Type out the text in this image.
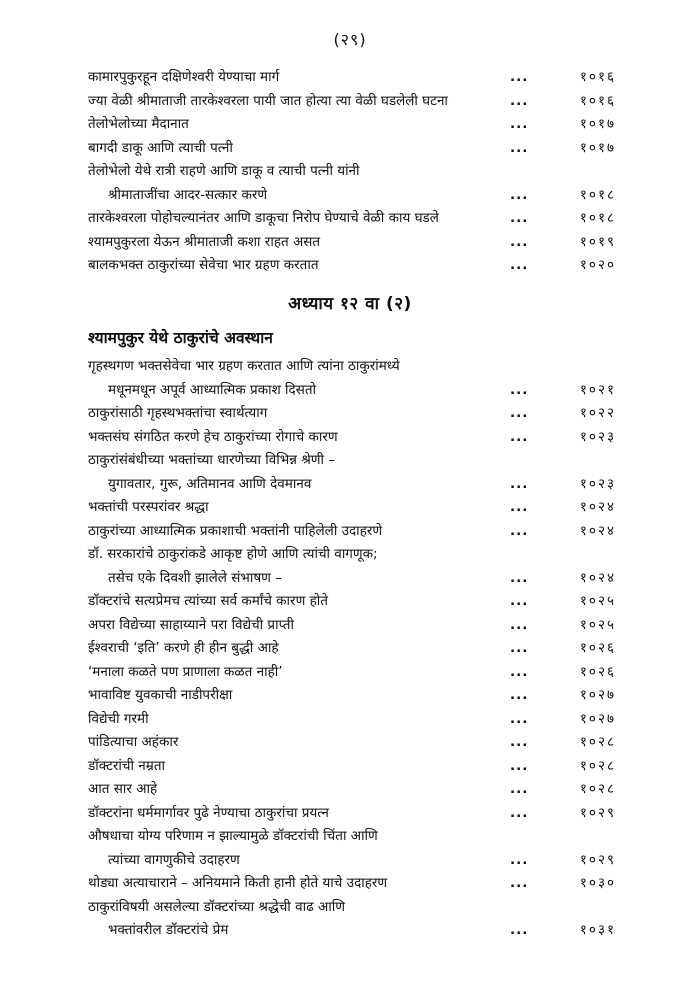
(२९)
कामारपुकुरहून दक्षिणेश्वरी येण्याचा मार्ग	...	१०१६
ज्या वेळी श्रीमाताजी तारकेश्वरला पायी जात होत्या त्या वेळी घडलेली घटना	...	१०१६
तेलोभेलोच्या मैदानात	...	१०१७
बागदी डाकू आणि त्याची पत्नी	...	१०१७
तेलोभेलो येथे रात्री राहणे आणि डाकू व त्याची पत्नी यांनी
श्रीमाताजींचा आदर-सत्कार करणे	...	१०१८
तारकेश्वरला पोहोचल्यानंतर आणि डाकूचा निरोप घेण्याचे वेळी काय घडले	...	१०१८
श्यामपुकुरला येऊन श्रीमाताजी कशा राहत असत	...	१०१९
बालकभक्त ठाकुरांच्या सेवेचा भार ग्रहण करतात	...	१०२०
अध्याय १२ वा (२)
श्यामपुकुर येथे ठाकुरांचे अवस्थान
गृहस्थगण भक्तसेवेचा भार ग्रहण करतात आणि त्यांना ठाकुरांमध्ये
मधूनमधून अपूर्व आध्यात्मिक प्रकाश दिसतो	...	१०२१
ठाकुरांसाठी गृहस्थभक्तांचा स्वार्थत्याग	...	१०२२
भक्तसंघ संगठित करणे हेच ठाकुरांच्या रोगाचे कारण	...	१०२३
ठाकुरांसंबंधीच्या भक्तांच्या धारणेच्या विभिन्न श्रेणी –
युगावतार, गुरू, अतिमानव आणि देवमानव	...	१०२३
भक्तांची परस्परांवर श्रद्धा	...	१०२४
ठाकुरांच्या आध्यात्मिक प्रकाशाची भक्तांनी पाहिलेली उदाहरणे	...	१०२४
डॉ. सरकारांचे ठाकुरांकडे आकृष्ट होणे आणि त्यांची वागणूक;
तसेच एके दिवशी झालेले संभाषण –	...	१०२४
डॉक्टरांचे सत्यप्रेमच त्यांच्या सर्व कर्मांचे कारण होते	...	१०२५
अपरा विद्येच्या साहाय्याने परा विद्येची प्राप्ती	...	१०२५
ईश्वराची ‘इति’ करणे ही हीन बुद्धी आहे	...	१०२६
‘मनाला कळते पण प्राणाला कळत नाही’	...	१०२६
भावाविष्ट युवकाची नाडीपरीक्षा	...	१०२७
विद्येची गरमी	...	१०२७
पांडित्याचा अहंकार	...	१०२८
डॉक्टरांची नम्रता	...	१०२८
आत सार आहे	...	१०२८
डॉक्टरांना धर्ममार्गावर पुढे नेण्याचा ठाकुरांचा प्रयत्न	...	१०२९
औषधाचा योग्य परिणाम न झाल्यामुळे डॉक्टरांची चिंता आणि
त्यांच्या वागणुकीचे उदाहरण	...	१०२९
थोड्या अत्याचाराने – अनियमाने किती हानी होते याचे उदाहरण	...	१०३०
ठाकुरांविषयी असलेल्या डॉक्टरांच्या श्रद्धेची वाढ आणि
भक्तांवरील डॉक्टरांचे प्रेम	...	१०३१
